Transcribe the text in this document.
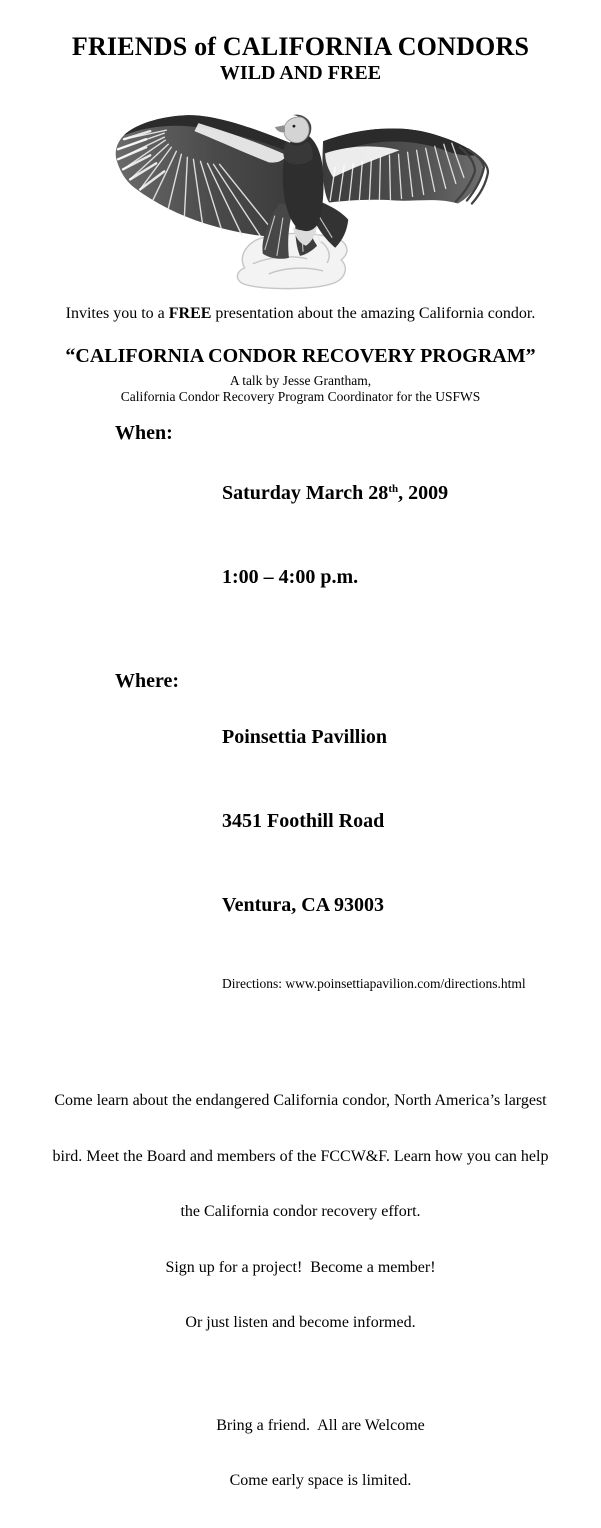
FRIENDS of CALIFORNIA CONDORS
WILD AND FREE

Invites you to a FREE presentation about the amazing California condor.

“CALIFORNIA CONDOR RECOVERY PROGRAM”
A talk by Jesse Grantham,
California Condor Recovery Program Coordinator for the USFWS
When:

Saturday March 28th, 2009

1:00 – 4:00 p.m.

Where:

Poinsettia Pavillion

3451 Foothill Road

Ventura, CA 93003

Directions: www.poinsettiapavilion.com/directions.html

Come learn about the endangered California condor, North America’s largest

bird. Meet the Board and members of the FCCW&F. Learn how you can help

the California condor recovery effort.

Sign up for a project!  Become a member!

Or just listen and become informed.

Bring a friend.  All are Welcome

Come early space is limited.
